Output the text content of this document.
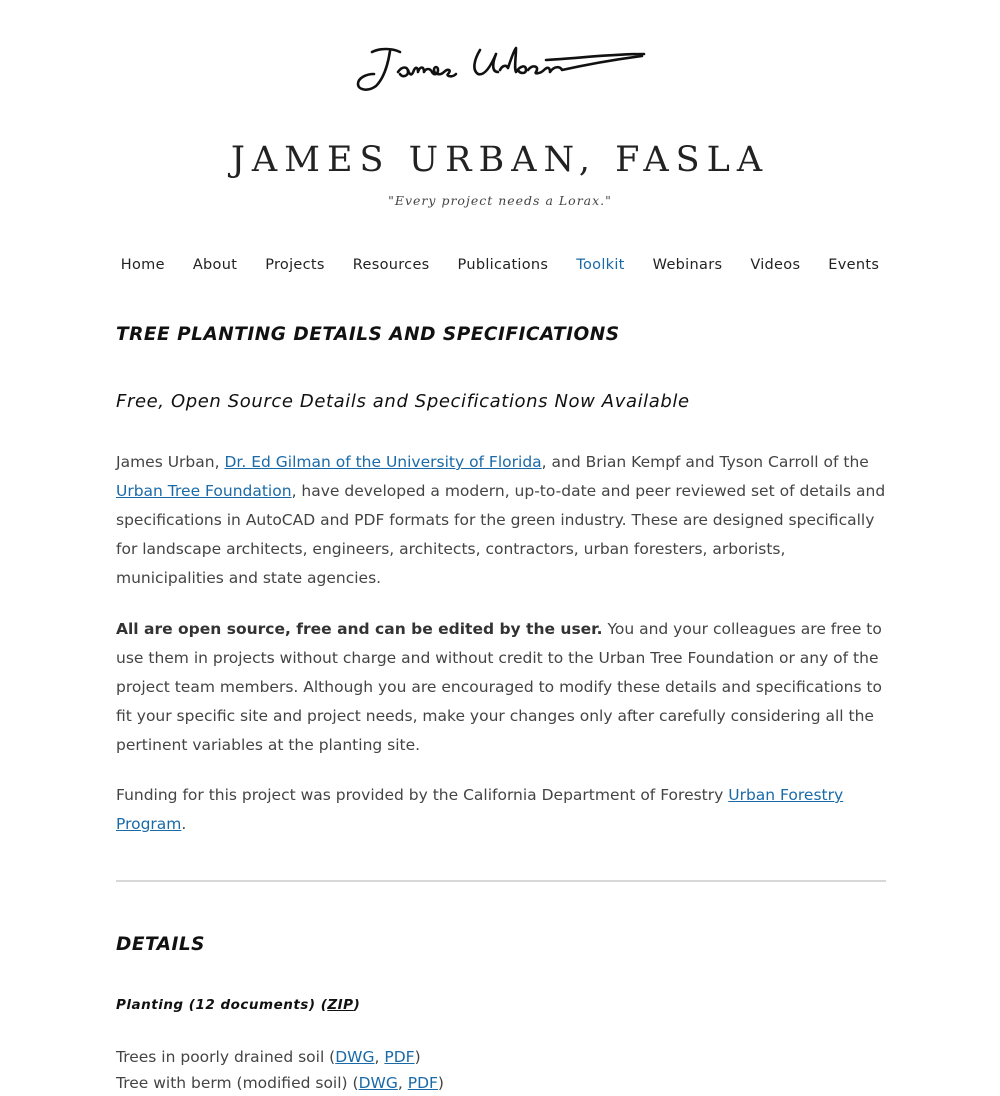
JAMES URBAN, FASLA

"Every project needs a Lorax."

Home About Projects Resources Publications Toolkit Webinars Videos Events
TREE PLANTING DETAILS AND SPECIFICATIONS
Free, Open Source Details and Specifications Now Available

James Urban, Dr. Ed Gilman of the University of Florida, and Brian Kempf and Tyson Carroll of the Urban Tree Foundation, have developed a modern, up-to-date and peer reviewed set of details and specifications in AutoCAD and PDF formats for the green industry. These are designed specifically for landscape architects, engineers, architects, contractors, urban foresters, arborists, municipalities and state agencies.

All are open source, free and can be edited by the user. You and your colleagues are free to use them in projects without charge and without credit to the Urban Tree Foundation or any of the project team members. Although you are encouraged to modify these details and specifications to fit your specific site and project needs, make your changes only after carefully considering all the pertinent variables at the planting site.

Funding for this project was provided by the California Department of Forestry Urban Forestry Program.

DETAILS
Planting (12 documents) (ZIP)

Trees in poorly drained soil (DWG, PDF)

Tree with berm (modified soil) (DWG, PDF)
